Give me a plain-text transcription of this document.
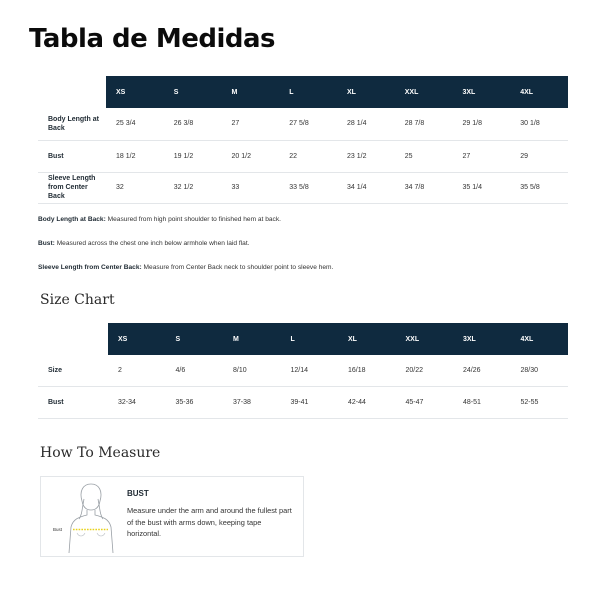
Tabla de Medidas
	XS	S	M	L	XL	XXL	3XL	4XL
Body Length at Back	25 3/4	26 3/8	27	27 5/8	28 1/4	28 7/8	29 1/8	30 1/8
Bust	18 1/2	19 1/2	20 1/2	22	23 1/2	25	27	29
Sleeve Length from Center Back	32	32 1/2	33	33 5/8	34 1/4	34 7/8	35 1/4	35 5/8

Body Length at Back: Measured from high point shoulder to finished hem at back.

Bust: Measured across the chest one inch below armhole when laid flat.

Sleeve Length from Center Back: Measure from Center Back neck to shoulder point to sleeve hem.

Size Chart
	XS	S	M	L	XL	XXL	3XL	4XL
Size	2	4/6	8/10	12/14	16/18	20/22	24/26	28/30
Bust	32-34	35-36	37-38	39-41	42-44	45-47	48-51	52-55
How To Measure
Bust
BUST
Measure under the arm and around the fullest part of the bust with arms down, keeping tape horizontal.
